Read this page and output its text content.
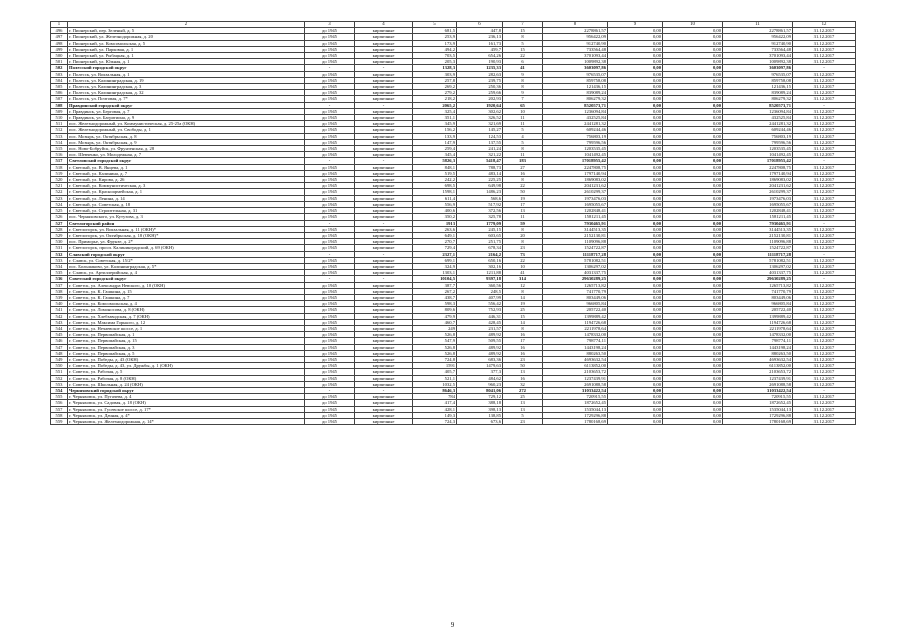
1	2	3	4	5	6	7	8	9	10	11	12
496	г. Пионерский, пер. Зеленый, д. 5	до 1945	кирпичные	681,5	447,8	15	2278861,57	0,00	0,00	2278861,57	31.12.2017
497	г. Пионерский, ул. Железнодорожная, д. 20	до 1945	кирпичные	253,9	236,13	8	956422,09	0,00	0,00	956422,09	31.12.2017
498	г. Пионерский, ул. Комсомольская, д. 5	до 1945	кирпичные	173,9	161,73	5	912740,90	0,00	0,00	912740,90	31.12.2017
499	г. Пионерский, ул. Парковая, д. 1	до 1945	кирпичные	494,2	459,7	15	733564,48	0,00	0,00	733564,48	31.12.2017
500	г. Пионерский, ул. Рыбацкая, д. 1	до 1945	кирпичные	703,5	654,26	22	3701093,44	0,00	0,00	3701093,44	31.12.2017
501	г. Пионерский, ул. Южная, д. 1	до 1945	кирпичные	205,3	190,93	6	1009892,38	0,00	0,00	1009892,38	31.12.2017
502	Полесский городской округ	-	-	1328,3	1235,33	41	3603097,86	0,00	0,00	3603097,86	-
503	г. Полесск, ул. Вокзальная, д. 1	до 1945	кирпичные	303,9	282,63	9	976535,07	0,00	0,00	976535,07	31.12.2017
504	г. Полесск, ул. Калининградская, д. 19	до 1945	кирпичные	257,8	239,75	8	859758,08	0,00	0,00	859758,08	31.12.2017
505	г. Полесск, ул. Калининградская, д. 3	до 1945	кирпичные	269,2	250,36	8	121436,15	0,00	0,00	121436,15	31.12.2017
506	г. Полесск, ул. Калининградская, д. 32	до 1945	кирпичные	279,2	259,66	9	839089,24	0,00	0,00	839089,24	31.12.2017
507	г. Полесск, ул. Почтовая, д. 7*	до 1945	кирпичные	218,2	202,93	7	806279,32	0,00	0,00	806279,32	31.12.2017
508	Правдинский городской округ	-	-	2065,2	1920,64	65	8520573,71	0,00	0,00	8520573,71	-
509	г. Правдинск, ул. Берговая, д. 7	до 1945	кирпичные	325,4	302,62	10	1236094,84	0,00	0,00	1236094,84	31.12.2017
510	г. Правдинск, ул. Багратиона, д. 9	до 1945	кирпичные	351,1	326,52	11	432525,84	0,00	0,00	432525,84	31.12.2017
511	пос. Железнодорожный, ул. Коммунистическая, д. 25-25а (ОКН)	до 1945	кирпичные	345,9	321,69	11	2441281,32	0,00	0,00	2441281,32	31.12.2017
512	пос. Железнодорожный, ул. Свободы, д. 1	до 1945	кирпичные	156,2	145,27	5	609244,46	0,00	0,00	609244,46	31.12.2017
513	пос. Мозырь, ул. Октябрьская, д. 8	до 1945	кирпичные	133,9	124,53	4	756803,19	0,00	0,00	756803,19	31.12.2017
514	пос. Мозырь, ул. Октябрьская, д. 9	до 1945	кирпичные	147,9	137,55	5	799596,56	0,00	0,00	799596,56	31.12.2017
515	пос. Ново-Бобруйск, ул. Фрунзенская, д. 28	до 1945	кирпичные	259,4	241,24	8	1203535,45	0,00	0,00	1203535,45	31.12.2017
516	пос. Шевченко, ул. Молодежная, д. 7	до 1945	кирпичные	345,4	321,22	11	1041492,45	0,00	0,00	1041492,45	31.12.2017
517	Светловский городской округ	-	-	5826,3	5418,47	183	17018955,42	0,00	0,00	17018955,42	-
518	г. Светлый, ул. В. Янцева, д. 1	до 1945	кирпичные	848,1	788,73	27	2247808,75	0,00	0,00	2247808,75	31.12.2017
519	г. Светлый, ул. Калинина, д. 7	до 1945	кирпичные	519,5	483,14	16	1797140,94	0,00	0,00	1797140,94	31.12.2017
520	г. Светлый, ул. Кирова, д. 26	до 1945	кирпичные	242,2	225,25	8	1869083,02	0,00	0,00	1869083,02	31.12.2017
521	г. Светлый, ул. Коммунистическая, д. 3	до 1945	кирпичные	698,5	649,98	22	2041231,62	0,00	0,00	2041231,62	31.12.2017
522	г. Светлый, ул. Красноармейская, д. 1	до 1945	кирпичные	1598,1	1486,23	50	2610299,37	0,00	0,00	2610299,37	31.12.2017
523	г. Светлый, ул. Ленина, д. 14	до 1945	кирпичные	611,4	568,6	19	1973476,03	0,00	0,00	1973476,03	31.12.2017
524	г. Светлый, ул. Советская, д. 18	до 1945	кирпичные	556,9	517,92	17	1695055,67	0,00	0,00	1695055,67	31.12.2017
525	г. Светлый, ул. Строительная, д. 31	до 1945	кирпичные	400,6	372,56	13	1202848,41	0,00	0,00	1202848,41	31.12.2017
526	пос. Черняховского, ул. Кутузова, д. 3	до 1945	кирпичные	350,2	325,78	11	1581211,45	0,00	0,00	1581211,45	31.12.2017
527	Светлогорский район	-	-	1913	1779,09	59	7930465,91	0,00	0,00	7930465,91	-
528	г. Светлогорск, ул. Вокзальная, д. 11 (ОКН)*	до 1945	кирпичные	263,6	245,15	8	3144513,35	0,00	0,00	3144513,35	31.12.2017
529	г. Светлогорск, ул. Октябрьская, д. 18 (ОКН)*	до 1945	кирпичные	649,1	603,65	20	2152130,81	0,00	0,00	2152130,81	31.12.2017
530	пос. Приморье, ул. Фрунзе, д. 2*	до 1945	кирпичные	270,7	251,75	8	1109096,88	0,00	0,00	1109096,88	31.12.2017
531	г. Светлогорск, просп. Калининградский, д. 69 (ОКН)	до 1945	кирпичные	729,4	678,34	23	1524722,87	0,00	0,00	1524722,87	31.12.2017
532	Славский городской округ	-	-	2327,1	2164,2	73	11118717,28	0,00	0,00	11118717,28	-
533	г. Славск, ул. Советская, д. 15/2*	до 1945	кирпичные	699,1	650,16	22	5781082,51	0,00	0,00	5781082,51	31.12.2017
534	пос. Большаково, ул. Калининградская, д. 5*	до 1945	кирпичные	324,9	302,16	10	1306297,02	0,00	0,00	1306297,02	31.12.2017
535	г. Славск, ул. Артиллерийская, д. 4	до 1945	кирпичные	1303,1	1211,88	41	4031337,75	0,00	0,00	4031337,75	31.12.2017
536	Советский городской округ	-	-	10104,5	9397,18	314	29630289,25	0,00	0,00	29630289,25	-
537	г. Советск, ул. Александра Невского, д. 10 (ОКН)	до 1945	кирпичные	387,7	360,56	12	1265713,82	0,00	0,00	1265713,82	31.12.2017
538	г. Советск, ул. К. Гашкина, д. 15	до 1945	кирпичные	267,2	248,5	8	741770,79	0,00	0,00	741770,79	31.12.2017
539	г. Советск, ул. К. Гашкина, д. 7	до 1945	кирпичные	438,7	407,99	14	803449,06	0,00	0,00	803449,06	31.12.2017
540	г. Советск, ул. Комсомольская, д. 4	до 1945	кирпичные	598,3	556,42	19	966805,84	0,00	0,00	966805,84	31.12.2017
541	г. Советск, ул. Ломоносова, д. 8 (ОКН)	до 1945	кирпичные	809,6	752,93	25	205722,40	0,00	0,00	205722,40	31.12.2017
542	г. Советск, ул. Хлебзаводская, д. 7 (ОКН)	до 1945	кирпичные	479,9	446,31	15	1399889,42	0,00	0,00	1399889,42	31.12.2017
543	г. Советск, ул. Максима Горького, д. 12	до 1945	кирпичные	460,7	428,45	14	1194726,68	0,00	0,00	1194726,68	31.12.2017
544	г. Советск, ул. Нечаевское шоссе, д. 1	до 1945	кирпичные	249	231,57	8	2211978,64	0,00	0,00	2211978,64	31.12.2017
545	г. Советск, ул. Первомайская, д. 1	до 1945	кирпичные	526,8	489,92	16	1478332,00	0,00	0,00	1478332,00	31.12.2017
546	г. Советск, ул. Первомайская, д. 15	до 1945	кирпичные	547,9	509,55	17	798774,11	0,00	0,00	798774,11	31.12.2017
547	г. Советск, ул. Первомайская, д. 3	до 1945	кирпичные	526,8	489,92	16	1443198,24	0,00	0,00	1443198,24	31.12.2017
548	г. Советск, ул. Первомайская, д. 5	до 1945	кирпичные	526,8	489,92	16	880263,50	0,00	0,00	880263,50	31.12.2017
549	г. Советск, ул. Победы, д. 43 (ОКН)	до 1945	кирпичные	724,8	683,36	23	4693632,54	0,00	0,00	4693632,54	31.12.2017
550	г. Советск, ул. Победы, д. 43, ул. Дружбы, д. 1 (ОКН)	до 1945	кирпичные	1591	1479,63	50	6113852,00	0,00	0,00	6113852,00	31.12.2017
551	г. Советск, ул. Рабочая, д. 5	до 1945	кирпичные	405,7	377,3	13	2103653,72	0,00	0,00	2103653,72	31.12.2017
552	г. Советск, ул. Рабочая, д. 8 (ОКН)	до 1945	кирпичные	521,1	484,62	16	1237439,91	0,00	0,00	1237439,91	31.12.2017
553	г. Советск, ул. Школьная, д. 24 (ОКН)	до 1945	кирпичные	1032,5	960,23	32	2691088,58	0,00	0,00	2691088,58	31.12.2017
554	Черняховский городской округ	-	-	8646,3	8041,06	272	31033422,54	0,00	0,00	31033422,54	-
555	г. Черняховск, ул. Пугачева, д. 4	до 1945	кирпичные	784	729,12	25	720915,55	0,00	0,00	720915,55	31.12.2017
556	г. Черняховск, ул. Садовая, д. 18 (ОКН)	до 1945	кирпичные	417,4	388,18	13	1872652,45	0,00	0,00	1872652,45	31.12.2017
557	г. Черняховск, ул. Гусевское шоссе, д. 17*	до 1945	кирпичные	428,1	398,13	13	1535044,13	0,00	0,00	1535044,13	31.12.2017
558	г. Черняховск, ул. Дачная, д. 4*	до 1945	кирпичные	149,3	138,85	5	1729296,88	0,00	0,00	1729296,88	31.12.2017
559	г. Черняховск, ул. Железнодорожная, д. 14*	до 1945	кирпичные	724,3	673,6	23	1780168,69	0,00	0,00	1780168,69	31.12.2017
9
